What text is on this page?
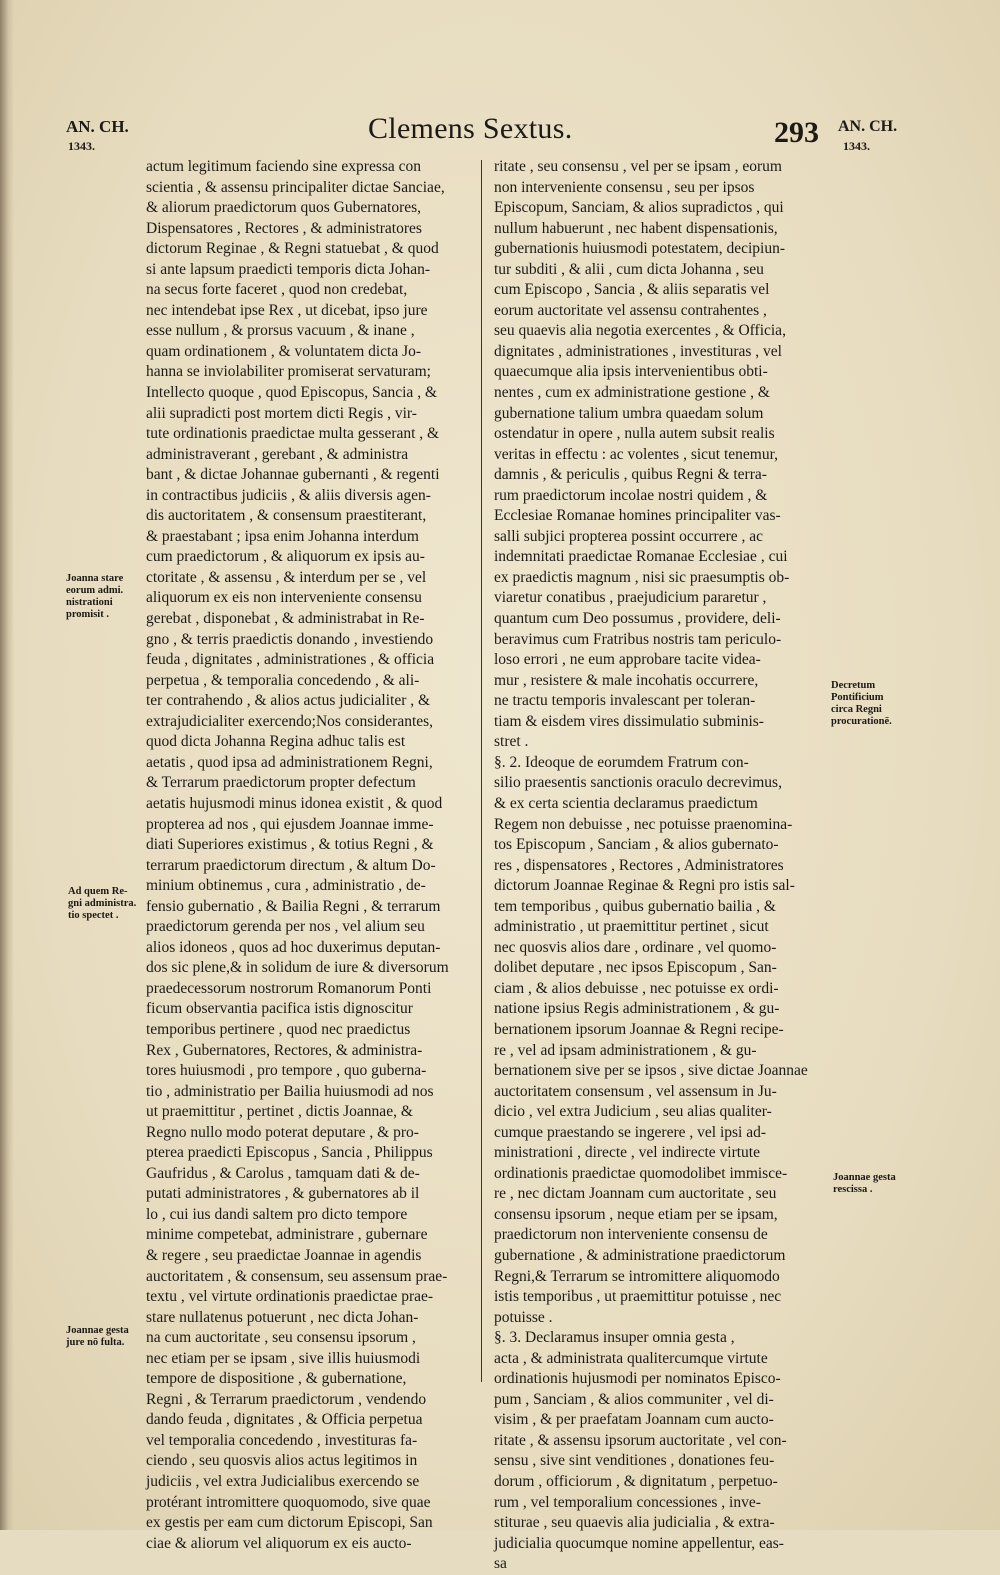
AN. CH.
1343.
Clemens Sextus.	293 AN. CH.
1343.
actum legitimum faciendo sine expressa con
scientia , & assensu principaliter dictae Sanciae,
& aliorum praedictorum quos Gubernatores,
Dispensatores , Rectores , & administratores
dictorum Reginae , & Regni statuebat , & quod
si ante lapsum praedicti temporis dicta Johan-
na secus forte faceret , quod non credebat,
nec intendebat ipse Rex , ut dicebat, ipso jure
esse nullum , & prorsus vacuum , & inane ,
quam ordinationem , & voluntatem dicta Jo-
hanna se inviolabiliter promiserat servaturam;
Intellecto quoque , quod Episcopus, Sancia , &
alii supradicti post mortem dicti Regis , vir-
tute ordinationis praedictae multa gesserant , &
administraverant , gerebant , & administra
bant , & dictae Johannae gubernanti , & regenti
in contractibus judiciis , & aliis diversis agen-
dis auctoritatem , & consensum praestiterant,
& praestabant ; ipsa enim Johanna interdum
cum praedictorum , & aliquorum ex ipsis au-
ctoritate , & assensu , & interdum per se , vel
aliquorum ex eis non interveniente consensu
gerebat , disponebat , & administrabat in Re-
gno , & terris praedictis donando , investiendo
feuda , dignitates , administrationes , & officia
perpetua , & temporalia concedendo , & ali-
ter contrahendo , & alios actus judicialiter , &
extrajudicialiter exercendo;Nos considerantes,
quod dicta Johanna Regina adhuc talis est
aetatis , quod ipsa ad administrationem Regni,
& Terrarum praedictorum propter defectum
aetatis hujusmodi minus idonea existit , & quod
propterea ad nos , qui ejusdem Joannae imme-
diati Superiores existimus , & totius Regni , &
terrarum praedictorum directum , & altum Do-
minium obtinemus , cura , administratio , de-
fensio gubernatio , & Bailia Regni , & terrarum
praedictorum gerenda per nos , vel alium seu
alios idoneos , quos ad hoc duxerimus deputan-
dos sic plene,& in solidum de iure & diversorum
praedecessorum nostrorum Romanorum Ponti
ficum observantia pacifica istis dignoscitur
temporibus pertinere , quod nec praedictus
Rex , Gubernatores, Rectores, & administra-
tores huiusmodi , pro tempore , quo guberna-
tio , administratio per Bailia huiusmodi ad nos
ut praemittitur , pertinet , dictis Joannae, &
Regno nullo modo poterat deputare , & pro-
pterea praedicti Episcopus , Sancia , Philippus
Gaufridus , & Carolus , tamquam dati & de-
putati administratores , & gubernatores ab il
lo , cui ius dandi saltem pro dicto tempore
minime competebat, administrare , gubernare
& regere , seu praedictae Joannae in agendis
auctoritatem , & consensum, seu assensum prae-
textu , vel virtute ordinationis praedictae prae-
stare nullatenus potuerunt , nec dicta Johan-
na cum auctoritate , seu consensu ipsorum ,
nec etiam per se ipsam , sive illis huiusmodi
tempore de dispositione , & gubernatione,
Regni , & Terrarum praedictorum , vendendo
dando feuda , dignitates , & Officia perpetua
vel temporalia concedendo , investituras fa-
ciendo , seu quosvis alios actus legitimos in
judiciis , vel extra Judicialibus exercendo se
protérant intromittere quoquomodo, sive quae
ex gestis per eam cum dictorum Episcopi, San
ciae & aliorum vel aliquorum ex eis aucto-
ritate , seu consensu , vel per se ipsam , eorum
non interveniente consensu , seu per ipsos
Episcopum, Sanciam, & alios supradictos , qui
nullum habuerunt , nec habent dispensationis,
gubernationis huiusmodi potestatem, decipiun-
tur subditi , & alii , cum dicta Johanna , seu
cum Episcopo , Sancia , & aliis separatis vel
eorum auctoritate vel assensu contrahentes ,
seu quaevis alia negotia exercentes , & Officia,
dignitates , administrationes , investituras , vel
quaecumque alia ipsis intervenientibus obti-
nentes , cum ex administratione gestione , &
gubernatione talium umbra quaedam solum
ostendatur in opere , nulla autem subsit realis
veritas in effectu : ac volentes , sicut tenemur,
damnis , & periculis , quibus Regni & terra-
rum praedictorum incolae nostri quidem , &
Ecclesiae Romanae homines principaliter vas-
salli subjici propterea possint occurrere , ac
indemnitati praedictae Romanae Ecclesiae , cui
ex praedictis magnum , nisi sic praesumptis ob-
viaretur conatibus , praejudicium pararetur ,
quantum cum Deo possumus , providere, deli-
beravimus cum Fratribus nostris tam periculo-
loso errori , ne eum approbare tacite videa-
mur , resistere & male incohatis occurrere,
ne tractu temporis invalescant per toleran-
tiam & eisdem vires dissimulatio subminis-
stret .
§. 2. Ideoque de eorumdem Fratrum con-
silio praesentis sanctionis oraculo decrevimus,
& ex certa scientia declaramus praedictum
Regem non debuisse , nec potuisse praenomina-
tos Episcopum , Sanciam , & alios gubernato-
res , dispensatores , Rectores , Administratores
dictorum Joannae Reginae & Regni pro istis sal-
tem temporibus , quibus gubernatio bailia , &
administratio , ut praemittitur pertinet , sicut
nec quosvis alios dare , ordinare , vel quomo-
dolibet deputare , nec ipsos Episcopum , San-
ciam , & alios debuisse , nec potuisse ex ordi-
natione ipsius Regis administrationem , & gu-
bernationem ipsorum Joannae & Regni recipe-
re , vel ad ipsam administrationem , & gu-
bernationem sive per se ipsos , sive dictae Joannae
auctoritatem consensum , vel assensum in Ju-
dicio , vel extra Judicium , seu alias qualiter-
cumque praestando se ingerere , vel ipsi ad-
ministrationi , directe , vel indirecte virtute
ordinationis praedictae quomodolibet immisce-
re , nec dictam Joannam cum auctoritate , seu
consensu ipsorum , neque etiam per se ipsam,
praedictorum non interveniente consensu de
gubernatione , & administratione praedictorum
Regni,& Terrarum se intromittere aliquomodo
istis temporibus , ut praemittitur potuisse , nec
potuisse .
§. 3. Declaramus insuper omnia gesta ,
acta , & administrata qualitercumque virtute
ordinationis hujusmodi per nominatos Episco-
pum , Sanciam , & alios communiter , vel di-
visim , & per praefatam Joannam cum aucto-
ritate , & assensu ipsorum auctoritate , vel con-
sensu , sive sint venditiones , donationes feu-
dorum , officiorum , & dignitatum , perpetuo-
rum , vel temporalium concessiones , inve-
stiturae , seu quaevis alia judicialia , & extra-
judicialia quocumque nomine appellentur, eas-
sa
Joanna stare
eorum admi.
nistrationi
promisit .
Ad quem Re-
gni administra.
tio spectet .
Joannae gesta
jure nō fulta.
Decretum
Pontificium
circa Regni
procurationē.
Joannae gesta
rescissa .
